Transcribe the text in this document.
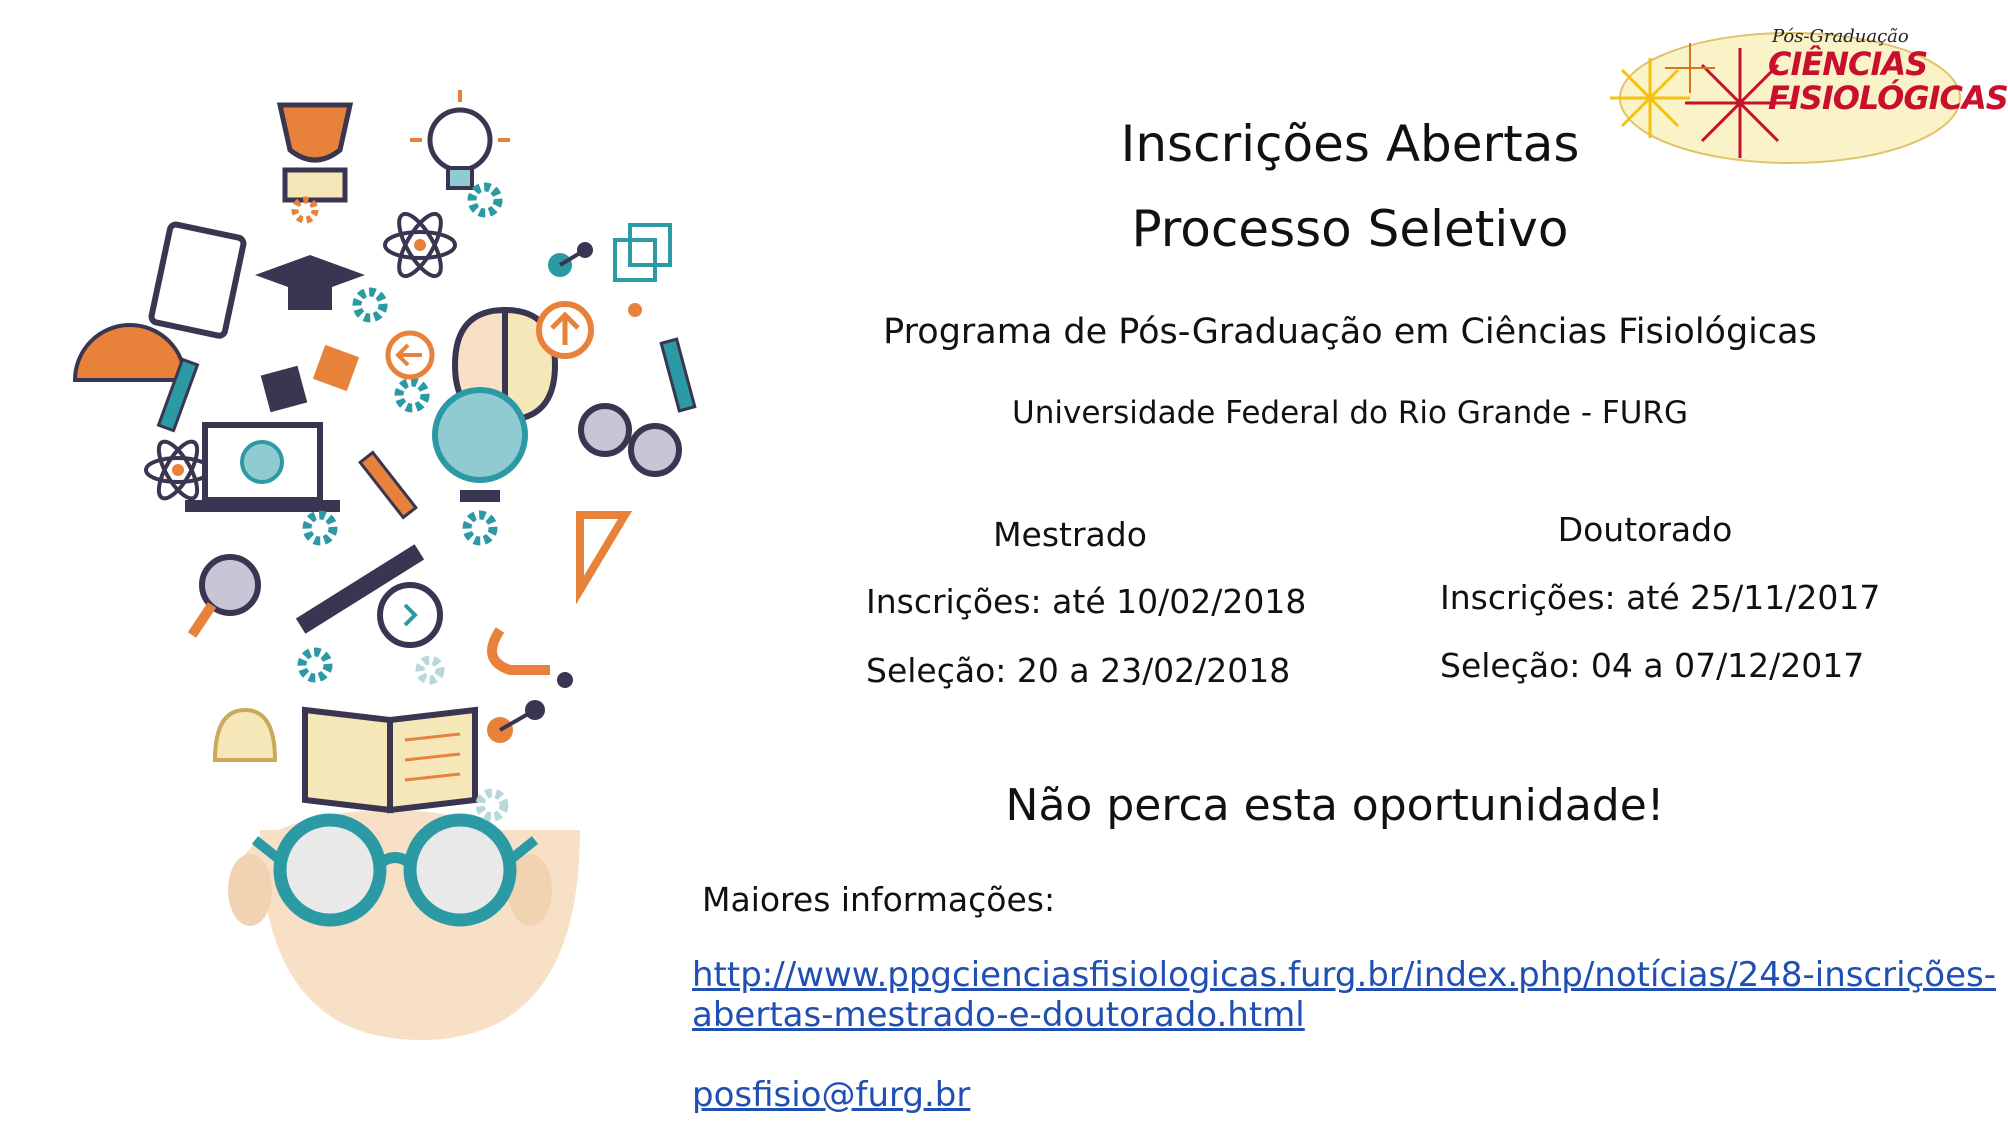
Pós-Graduação
CIÊNCIAS
FISIOLÓGICAS
Inscrições Abertas
Processo Seletivo
Programa de Pós-Graduação em Ciências Fisiológicas
Universidade Federal do Rio Grande - FURG
Mestrado
Inscrições: até 10/02/2018
Seleção: 20 a 23/02/2018
Doutorado
Inscrições: até 25/11/2017
Seleção: 04 a 07/12/2017
Não perca esta oportunidade!
Maiores informações:
http://www.ppgcienciasfisiologicas.furg.br/index.php/notícias/248-inscrições-
abertas-mestrado-e-doutorado.html
posfisio@furg.br
